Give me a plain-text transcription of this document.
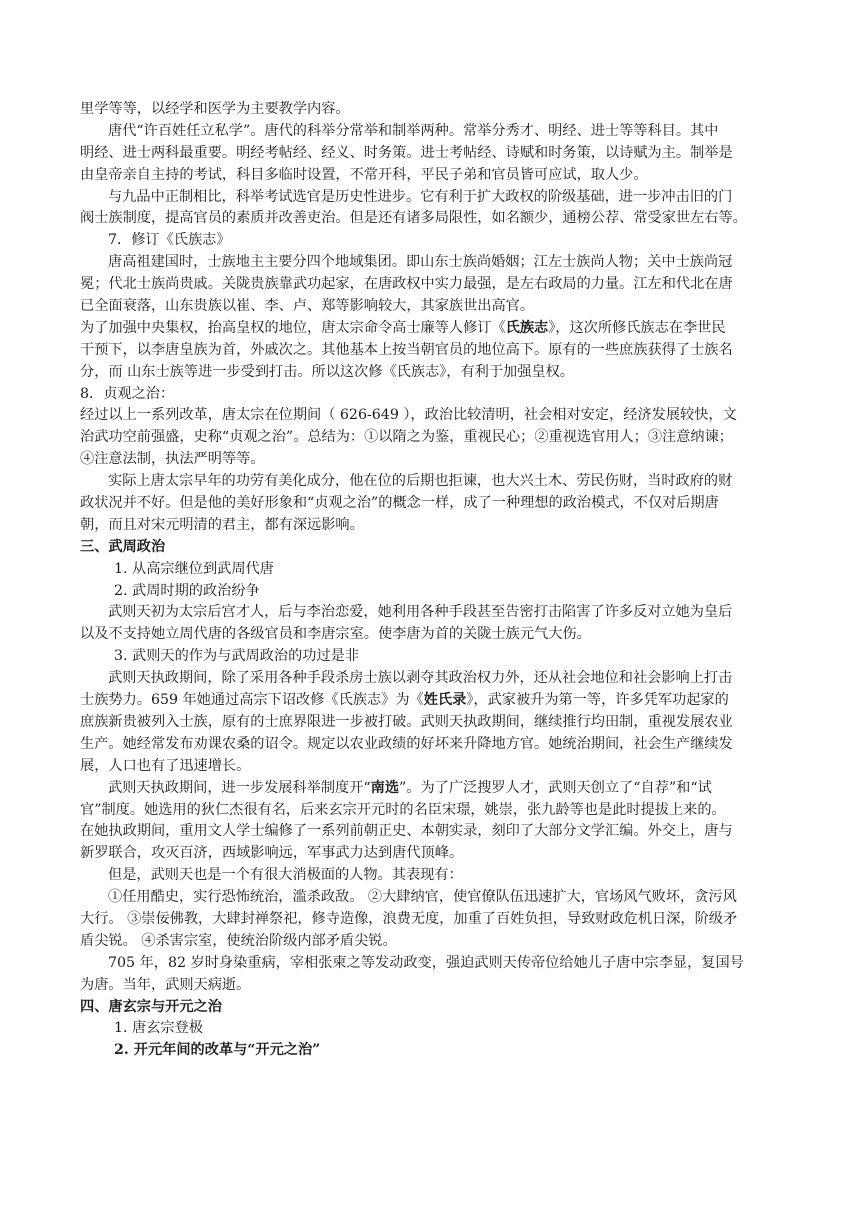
里学等等，以经学和医学为主要教学内容。
唐代“许百姓任立私学”。唐代的科举分常举和制举两种。常举分秀才、明经、进士等等科目。其中
明经、进士两科最重要。明经考帖经、经义、时务策。进士考帖经、诗赋和时务策，以诗赋为主。制举是
由皇帝亲自主持的考试，科目多临时设置，不常开科，平民子弟和官员皆可应试，取人少。
与九品中正制相比，科举考试选官是历史性进步。它有利于扩大政权的阶级基础，进一步冲击旧的门
阀士族制度，提高官员的素质并改善吏治。但是还有诸多局限性，如名额少，通榜公荐、常受家世左右等。
7．修订《氏族志》
唐高祖建国时，士族地主主要分四个地域集团。即山东士族尚婚姻；江左士族尚人物；关中士族尚冠
冕；代北士族尚贵戚。关陇贵族靠武功起家，在唐政权中实力最强，是左右政局的力量。江左和代北在唐
已全面衰落，山东贵族以崔、李、卢、郑等影响较大，其家族世出高官。
为了加强中央集权，抬高皇权的地位，唐太宗命令高士廉等人修订《氏族志》，这次所修氏族志在李世民
干预下，以李唐皇族为首，外戚次之。其他基本上按当朝官员的地位高下。原有的一些庶族获得了士族名
分，而 山东士族等进一步受到打击。所以这次修《氏族志》，有利于加强皇权。
8．贞观之治：
经过以上一系列改革，唐太宗在位期间（ 626-649 ），政治比较清明，社会相对安定，经济发展较快，文
治武功空前强盛，史称“贞观之治”。总结为：①以隋之为鉴，重视民心；②重视选官用人；③注意纳谏；
④注意法制，执法严明等等。
实际上唐太宗早年的功劳有美化成分，他在位的后期也拒谏，也大兴土木、劳民伤财，当时政府的财
政状况并不好。但是他的美好形象和“贞观之治”的概念一样，成了一种理想的政治模式，不仅对后期唐
朝，而且对宋元明清的君主，都有深远影响。
三、武周政治
1. 从高宗继位到武周代唐
2. 武周时期的政治纷争
武则天初为太宗后宫才人，后与李治恋爱，她利用各种手段甚至告密打击陷害了许多反对立她为皇后
以及不支持她立周代唐的各级官员和李唐宗室。使李唐为首的关陇士族元气大伤。
3. 武则天的作为与武周政治的功过是非
武则天执政期间，除了采用各种手段杀房士族以剥夺其政治权力外，还从社会地位和社会影响上打击
士族势力。659 年她通过高宗下诏改修《氏族志》为《姓氏录》，武家被升为第一等，许多凭军功起家的
庶族新贵被列入士族，原有的士庶界限进一步被打破。武则天执政期间，继续推行均田制，重视发展农业
生产。她经常发布劝课农桑的诏令。规定以农业政绩的好坏来升降地方官。她统治期间，社会生产继续发
展，人口也有了迅速增长。
武则天执政期间，进一步发展科举制度开“南选”。为了广泛搜罗人才，武则天创立了“自荐”和“试
官”制度。她选用的狄仁杰很有名，后来玄宗开元时的名臣宋璟，姚崇，张九龄等也是此时提拔上来的。
在她执政期间，重用文人学士编修了一系列前朝正史、本朝实录，刻印了大部分文学汇编。外交上，唐与
新罗联合，攻灭百济，西域影响远，军事武力达到唐代顶峰。
但是，武则天也是一个有很大消极面的人物。其表现有：
①任用酷史，实行恐怖统治，滥杀政敌。 ②大肆纳官，使官僚队伍迅速扩大，官场风气败坏，贪污风
大行。 ③崇佞佛教，大肆封禅祭祀，修寺造像，浪费无度，加重了百姓负担，导致财政危机日深，阶级矛
盾尖锐。 ④杀害宗室，使统治阶级内部矛盾尖锐。
705 年，82 岁时身染重病，宰相张柬之等发动政变，强迫武则天传帝位给她儿子唐中宗李显，复国号
为唐。当年，武则天病逝。
四、唐玄宗与开元之治
1. 唐玄宗登极
2. 开元年间的改革与“开元之治”
